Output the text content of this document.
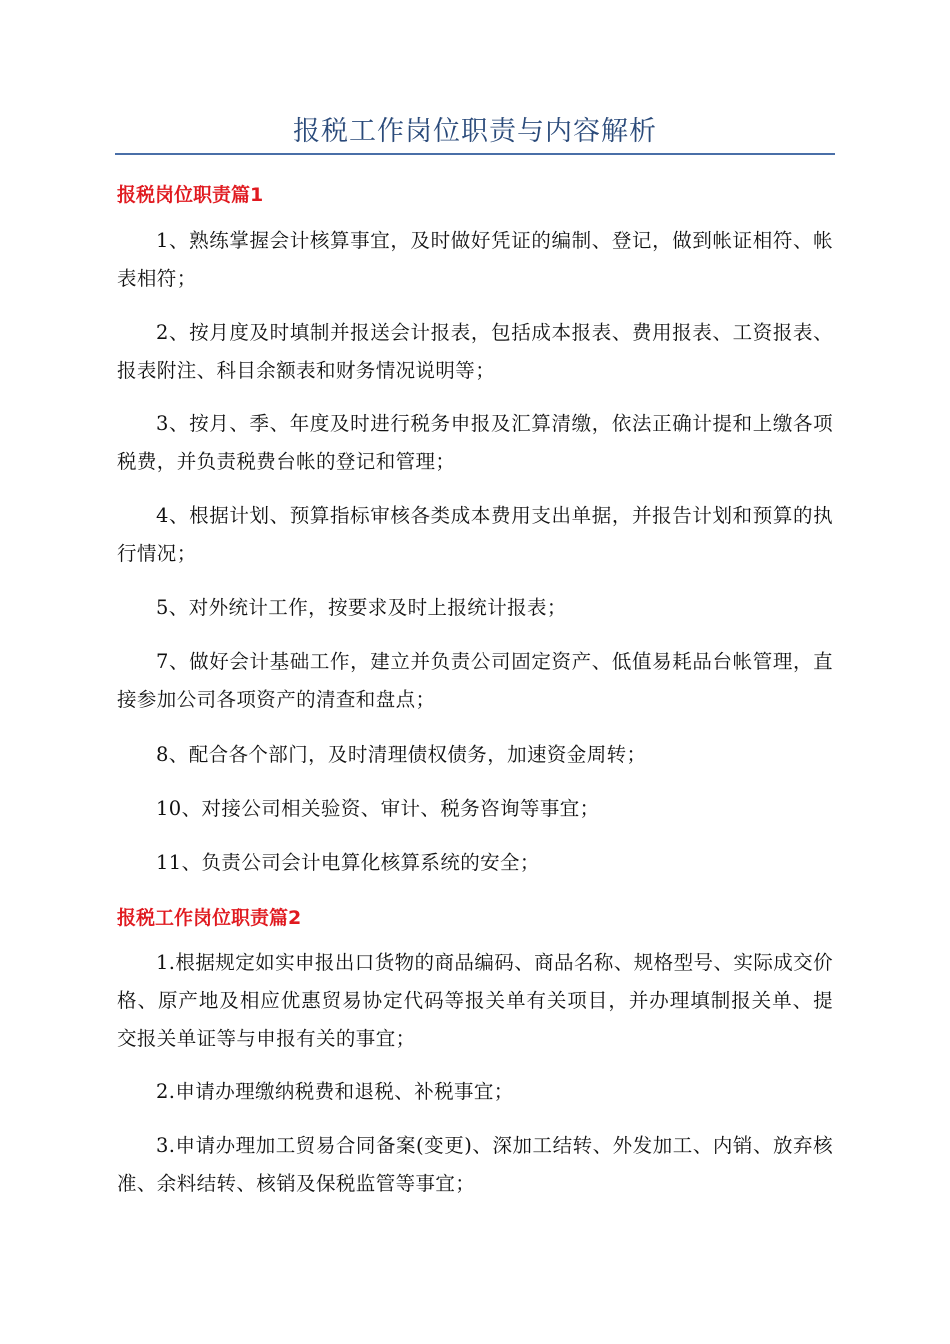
报税工作岗位职责与内容解析
报税岗位职责篇1
1、熟练掌握会计核算事宜，及时做好凭证的编制、登记，做到帐证相符、帐表相符；
2、按月度及时填制并报送会计报表，包括成本报表、费用报表、工资报表、报表附注、科目余额表和财务情况说明等；
3、按月、季、年度及时进行税务申报及汇算清缴，依法正确计提和上缴各项税费，并负责税费台帐的登记和管理；
4、根据计划、预算指标审核各类成本费用支出单据，并报告计划和预算的执行情况；
5、对外统计工作，按要求及时上报统计报表；
7、做好会计基础工作，建立并负责公司固定资产、低值易耗品台帐管理，直接参加公司各项资产的清查和盘点；
8、配合各个部门，及时清理债权债务，加速资金周转；
10、对接公司相关验资、审计、税务咨询等事宜；
11、负责公司会计电算化核算系统的安全；
报税工作岗位职责篇2
1.根据规定如实申报出口货物的商品编码、商品名称、规格型号、实际成交价格、原产地及相应优惠贸易协定代码等报关单有关项目，并办理填制报关单、提交报关单证等与申报有关的事宜；
2.申请办理缴纳税费和退税、补税事宜；
3.申请办理加工贸易合同备案(变更)、深加工结转、外发加工、内销、放弃核准、余料结转、核销及保税监管等事宜；
